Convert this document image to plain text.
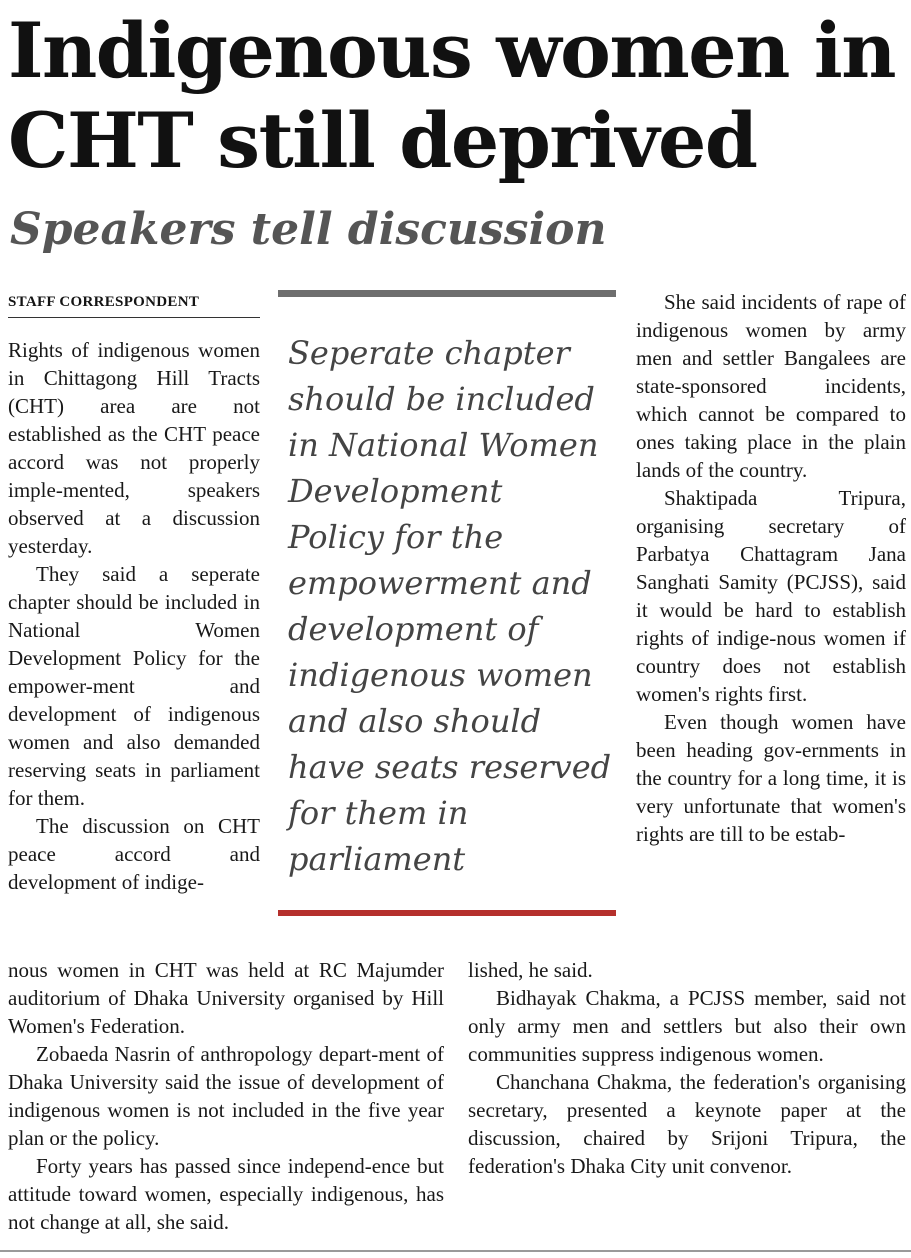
Indigenous women in
CHT still deprived
Speakers tell discussion
STAFF CORRESPONDENT

Rights of indigenous women in Chittagong Hill Tracts (CHT) area are not established as the CHT peace accord was not properly imple-mented, speakers observed at a discussion yesterday.

They said a seperate chapter should be included in National Women Development Policy for the empower-ment and development of indigenous women and also demanded reserving seats in parliament for them.

The discussion on CHT peace accord and development of indige-

Seperate chapter
should be included
in National Women
Development
Policy for the
empowerment and
development of
indigenous women
and also should
have seats reserved
for them in
parliament

She said incidents of rape of indigenous women by army men and settler Bangalees are state-sponsored incidents, which cannot be compared to ones taking place in the plain lands of the country.

Shaktipada Tripura, organising secretary of Parbatya Chattagram Jana Sanghati Samity (PCJSS), said it would be hard to establish rights of indige-nous women if country does not establish women's rights first.

Even though women have been heading gov-ernments in the country for a long time, it is very unfortunate that women's rights are till to be estab-

nous women in CHT was held at RC Majumder auditorium of Dhaka University organised by Hill Women's Federation.

Zobaeda Nasrin of anthropology depart-ment of Dhaka University said the issue of development of indigenous women is not included in the five year plan or the policy.

Forty years has passed since independ-ence but attitude toward women, especially indigenous, has not change at all, she said.

lished, he said.

Bidhayak Chakma, a PCJSS member, said not only army men and settlers but also their own communities suppress indigenous women.

Chanchana Chakma, the federation's organising secretary, presented a keynote paper at the discussion, chaired by Srijoni Tripura, the federation's Dhaka City unit convenor.
